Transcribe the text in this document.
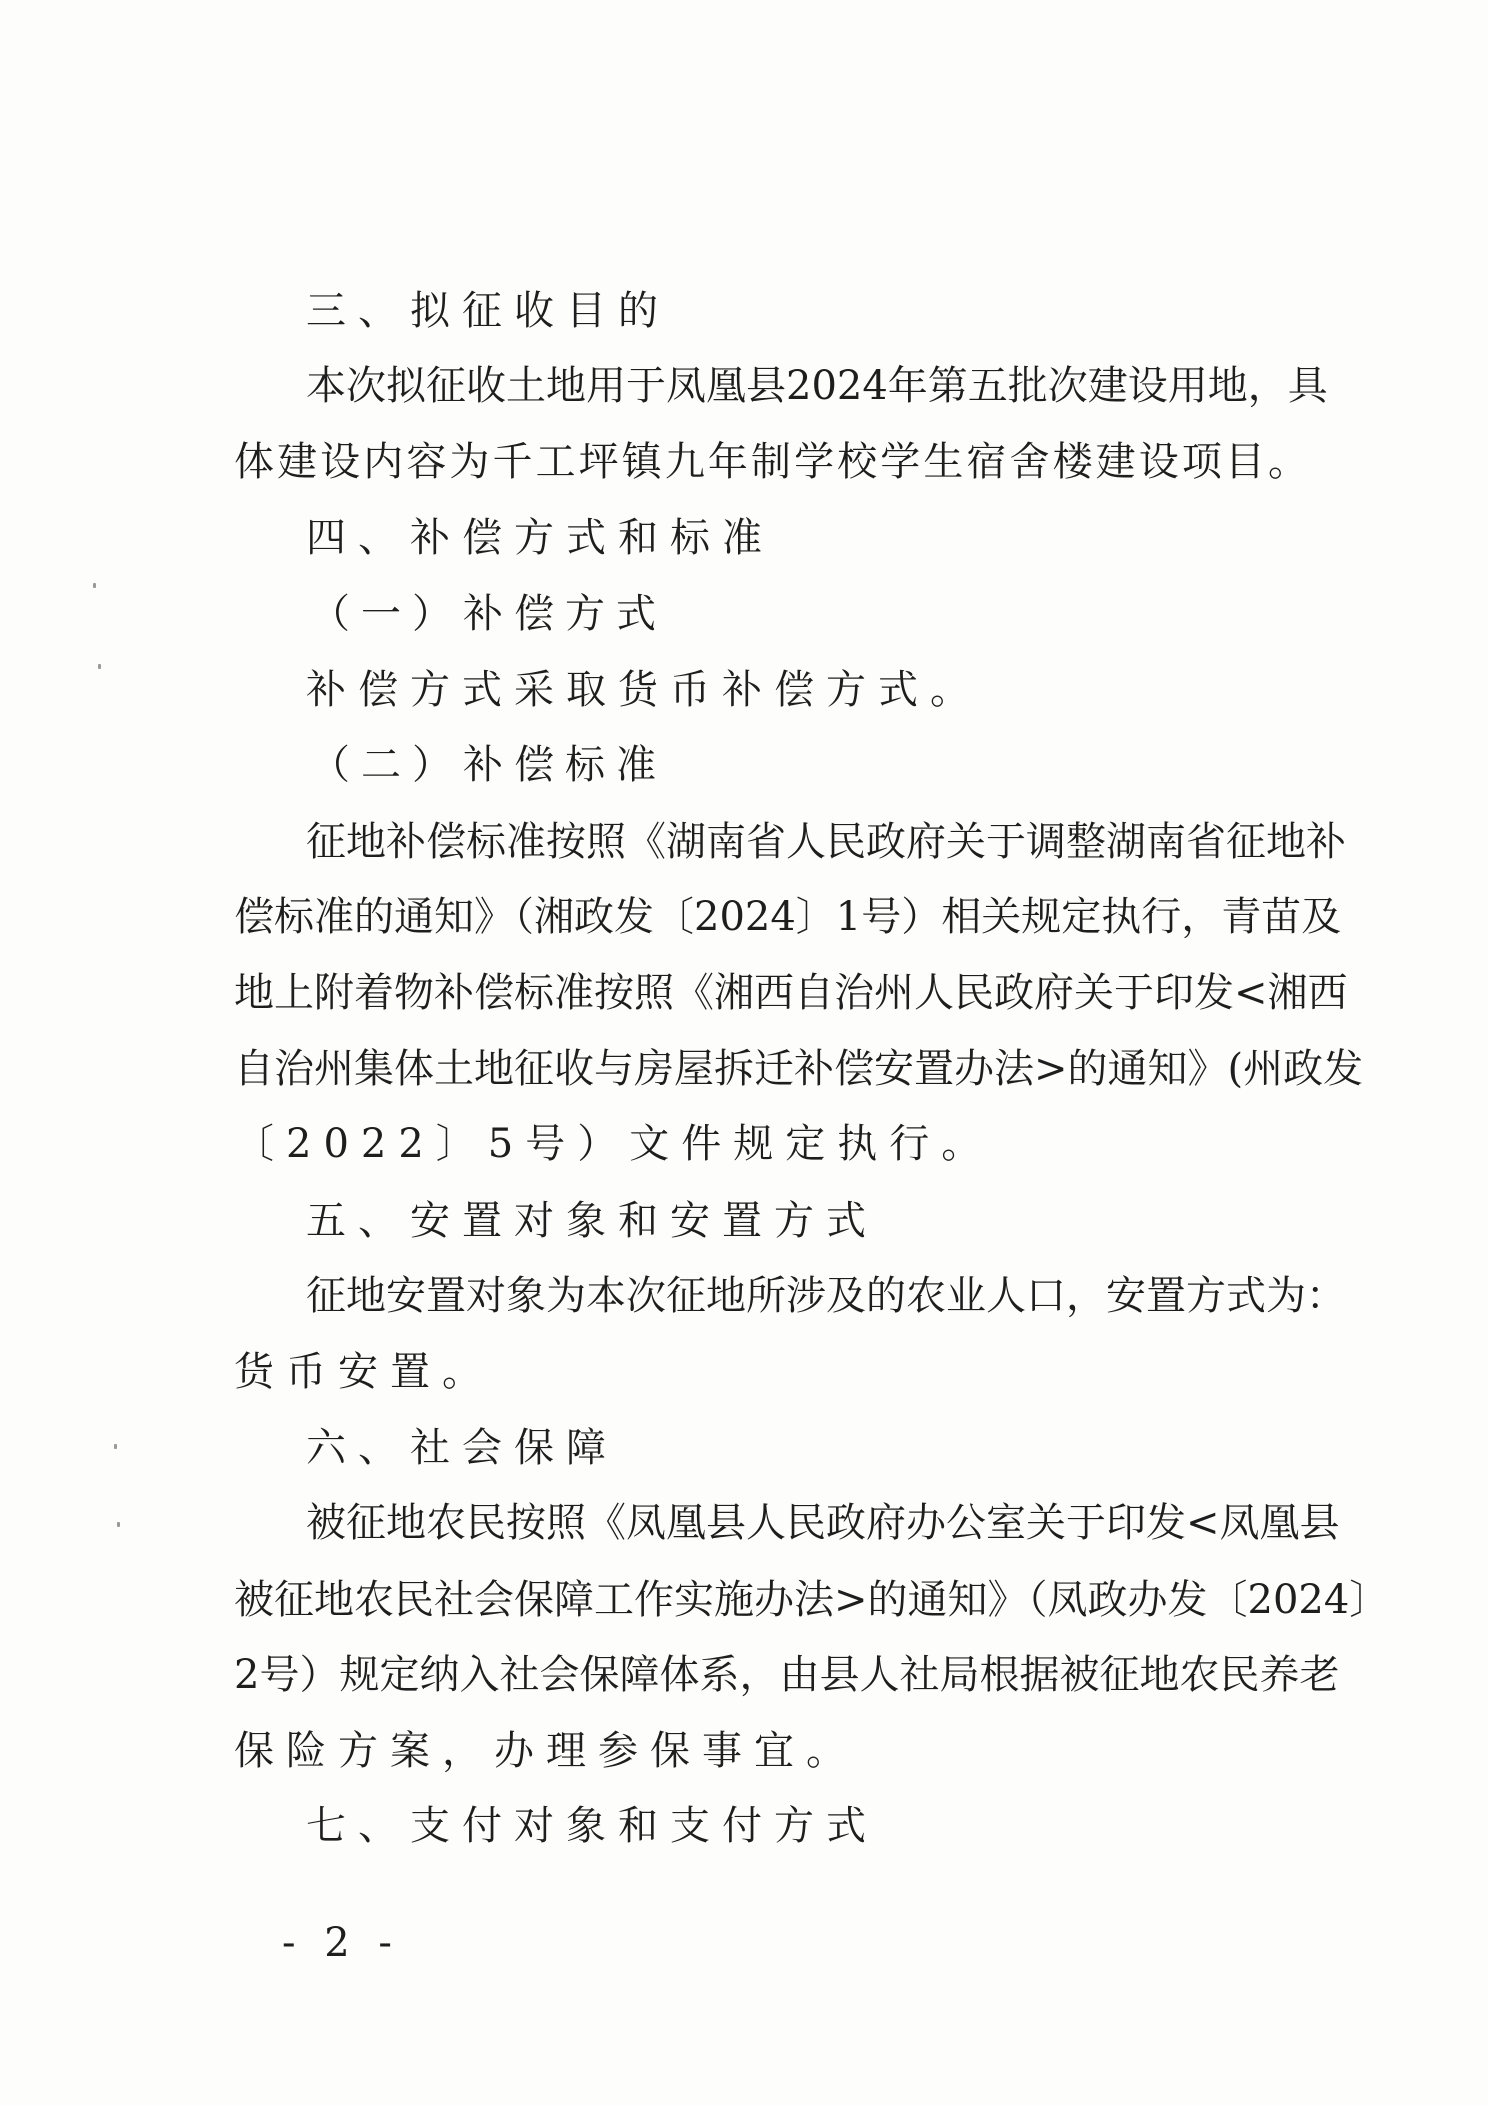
三、拟征收目的
本次拟征收土地用于凤凰县2024年第五批次建设用地，具
体建设内容为千工坪镇九年制学校学生宿舍楼建设项目。
四、补偿方式和标准
（一）补偿方式
补偿方式采取货币补偿方式。
（二）补偿标准
征地补偿标准按照《湖南省人民政府关于调整湖南省征地补
偿标准的通知》（湘政发〔2024〕1号）相关规定执行，青苗及
地上附着物补偿标准按照《湘西自治州人民政府关于印发<湘西
自治州集体土地征收与房屋拆迁补偿安置办法>的通知》(州政发
〔2022〕5号）文件规定执行。
五、安置对象和安置方式
征地安置对象为本次征地所涉及的农业人口，安置方式为：
货币安置。
六、社会保障
被征地农民按照《凤凰县人民政府办公室关于印发<凤凰县
被征地农民社会保障工作实施办法>的通知》（凤政办发〔2024〕
2号）规定纳入社会保障体系，由县人社局根据被征地农民养老
保险方案，办理参保事宜。
七、支付对象和支付方式
- 2 -
